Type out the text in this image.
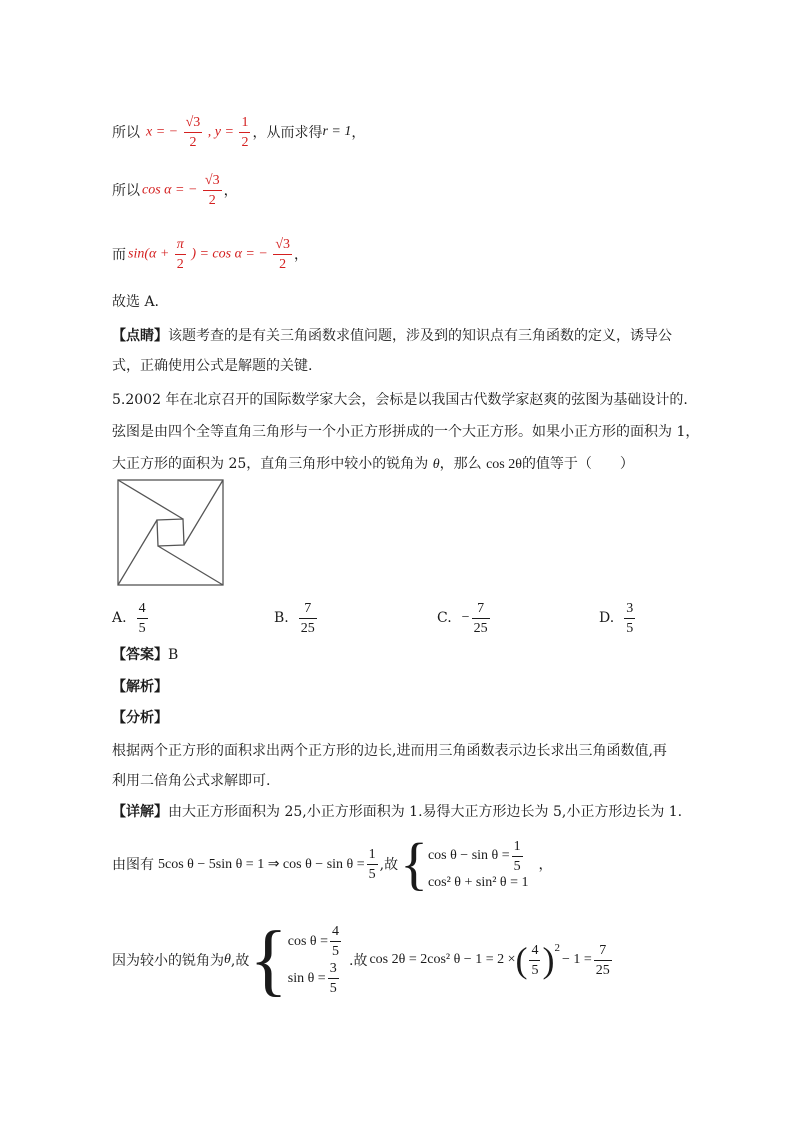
所以 x = − $\frac{√3}{2}$ , $y = \frac{1}{2}$ ，从而求得 r = 1 ，
所以 cos α = − $\frac{√3}{2}$ ，
而 $\sin(\alpha + \frac{\pi}{2}$ ) = cos α = − $\frac{√3}{2}$ ，
故选 A.
【点睛】该题考查的是有关三角函数求值问题，涉及到的知识点有三角函数的定义，诱导公
式，正确使用公式是解题的关键.
5.2002 年在北京召开的国际数学家大会，会标是以我国古代数学家赵爽的弦图为基础设计的.
弦图是由四个全等直角三角形与一个小正方形拼成的一个大正方形。如果小正方形的面积为 1，
大正方形的面积为 25，直角三角形中较小的锐角为 θ，那么 cos 2θ的值等于（　　）
A. $\frac{4}{5}$	B. $\frac{7}{25}$	C. − $\frac{7}{25}$	D. $\frac{3}{5}$
【答案】B
【解析】
【分析】
根据两个正方形的面积求出两个正方形的边长,进而用三角函数表示边长求出三角函数值,再
利用二倍角公式求解即可.
【详解】由大正方形面积为 25,小正方形面积为 1.易得大正方形边长为 5,小正方形边长为 1.
由图有 5cos θ − 5sin θ = 1 ⇒ $\cos \theta - \sin \theta = \frac{1}{5}$ ,故 { $\cos \theta - \sin \theta = \frac{1}{5}$
cos² θ + sin² θ = 1
，
因为较小的锐角为 θ ,故 { $\cos \theta = \frac{4}{5}$
$\sin \theta = \frac{3}{5}$ .故 cos 2θ = 2cos² θ − 1 = 2 × ( $\frac{4}{5} )^2$
− $1 = \frac{7}{25}$
